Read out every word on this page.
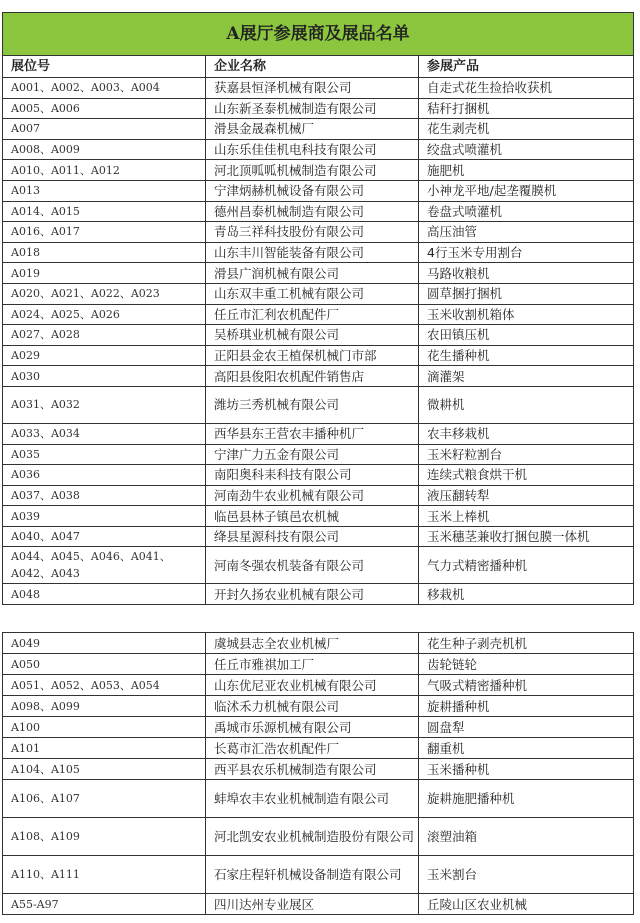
A展厅参展商及展品名单		
展位号	企业名称	参展产品
A001、A002、A003、A004	获嘉县恒泽机械有限公司	自走式花生捡拾收获机
A005、A006	山东新圣泰机械制造有限公司	秸秆打捆机
A007	滑县金晟森机械厂	花生剥壳机
A008、A009	山东乐佳佳机电科技有限公司	绞盘式喷灌机
A010、A011、A012	河北顶呱呱机械制造有限公司	施肥机
A013	宁津炳赫机械设备有限公司	小神龙平地/起垄覆膜机
A014、A015	德州昌泰机械制造有限公司	卷盘式喷灌机
A016、A017	青岛三祥科技股份有限公司	高压油管
A018	山东丰川智能装备有限公司	4行玉米专用割台
A019	滑县广润机械有限公司	马路收粮机
A020、A021、A022、A023	山东双丰重工机械有限公司	圆草捆打捆机
A024、A025、A026	任丘市汇利农机配件厂	玉米收割机箱体
A027、A028	吴桥琪业机械有限公司	农田镇压机
A029	正阳县金农王植保机械门市部	花生播种机
A030	高阳县俊阳农机配件销售店	滴灌架
A031、A032	潍坊三秀机械有限公司	微耕机
A033、A034	西华县东王营农丰播种机厂	农丰移栽机
A035	宁津广力五金有限公司	玉米籽粒割台
A036	南阳奥科耒科技有限公司	连续式粮食烘干机
A037、A038	河南劲牛农业机械有限公司	液压翻转犁
A039	临邑县林子镇邑农机械	玉米上棒机
A040、A047	绛县星源科技有限公司	玉米穗茎兼收打捆包膜一体机
A044、A045、A046、A041、A042、A043	河南冬强农机装备有限公司	气力式精密播种机
A048	开封久扬农业机械有限公司	移栽机
A049	虞城县志全农业机械厂	花生种子剥壳机机
A050	任丘市雅祺加工厂	齿轮链轮
A051、A052、A053、A054	山东优尼亚农业机械有限公司	气吸式精密播种机
A098、A099	临沭禾力机械有限公司	旋耕播种机
A100	禹城市乐源机械有限公司	圆盘犁
A101	长葛市汇浩农机配件厂	翻重机
A104、A105	西平县农乐机械制造有限公司	玉米播种机
A106、A107	蚌埠农丰农业机械制造有限公司	旋耕施肥播种机
A108、A109	河北凯安农业机械制造股份有限公司	滚塑油箱
A110、A111	石家庄程轩机械设备制造有限公司	玉米割台
A55-A97	四川达州专业展区	丘陵山区农业机械
